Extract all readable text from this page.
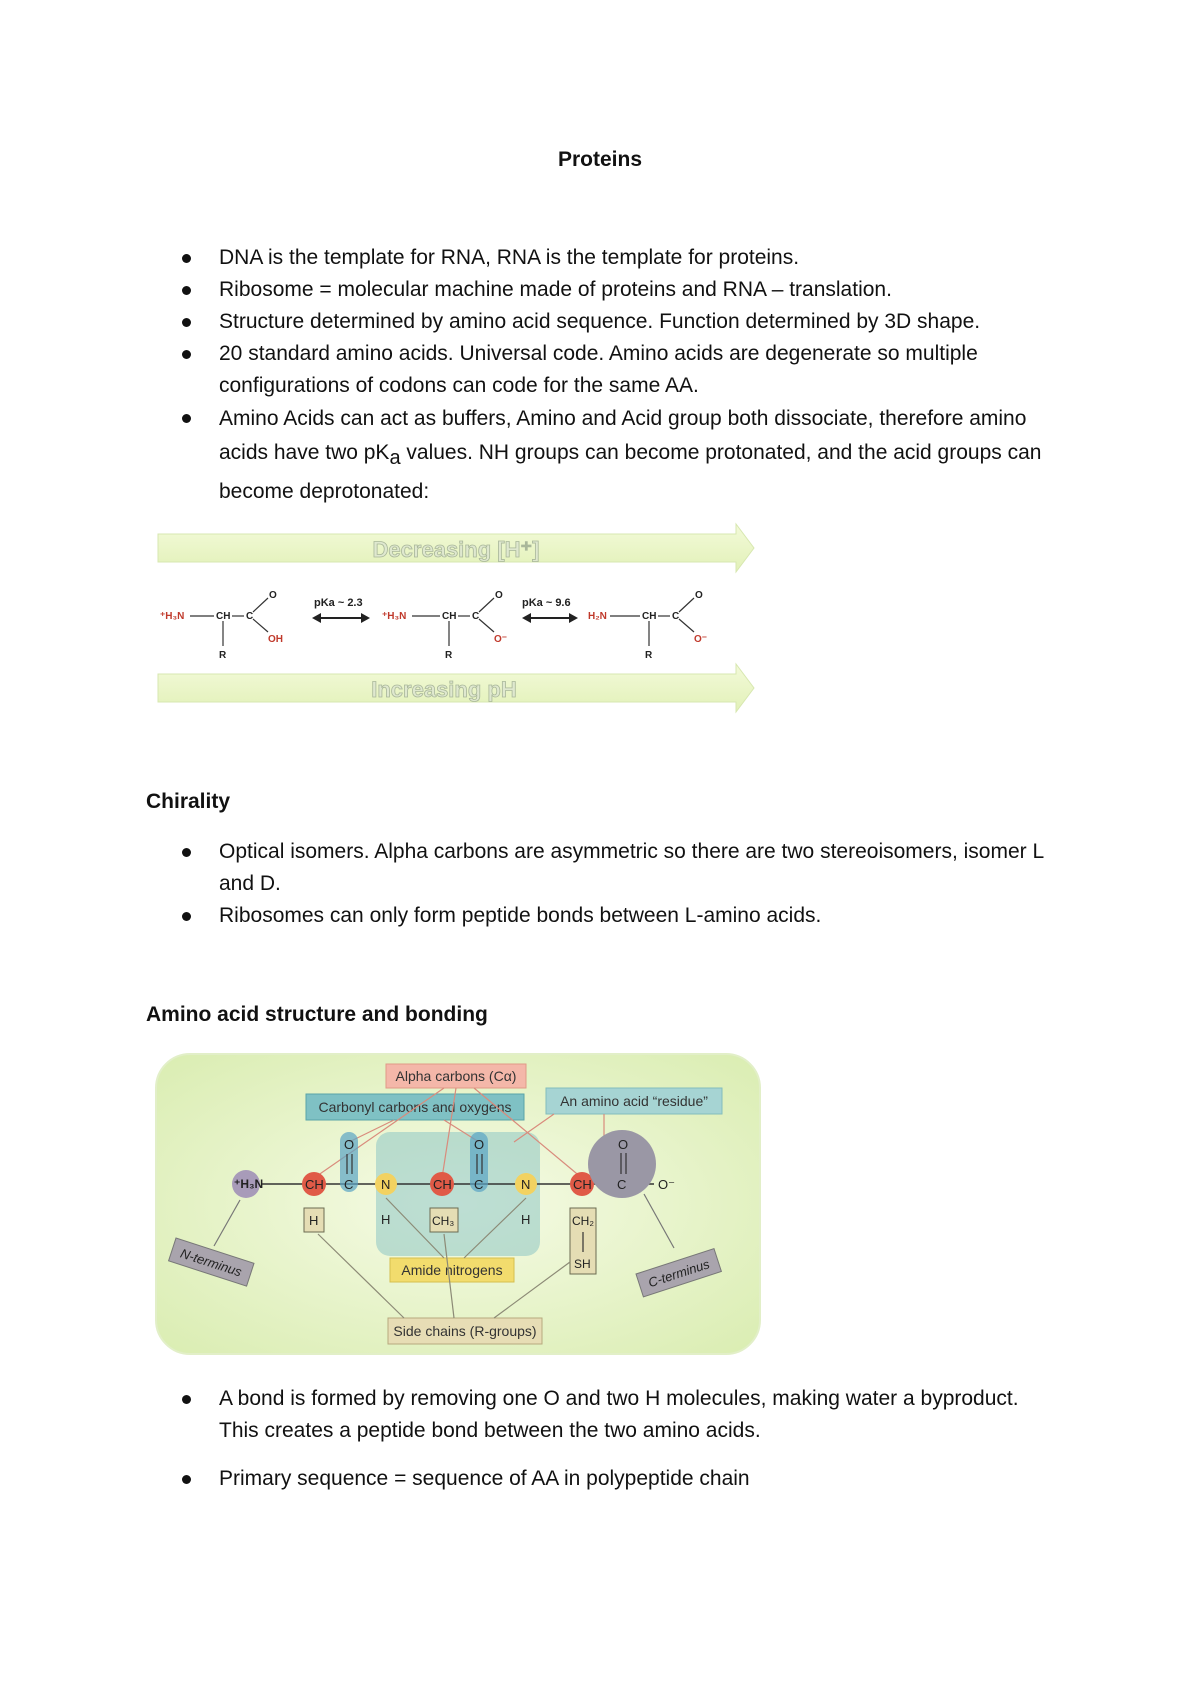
Proteins
DNA is the template for RNA, RNA is the template for proteins.
Ribosome = molecular machine made of proteins and RNA – translation.
Structure determined by amino acid sequence. Function determined by 3D shape.
20 standard amino acids. Universal code. Amino acids are degenerate so multiple configurations of codons can code for the same AA.
Amino Acids can act as buffers, Amino and Acid group both dissociate, therefore amino acids have two $pK_a$ values. NH groups can become protonated, and the acid groups can become deprotonated:
Decreasing [H⁺]
Increasing pH
⁺H₃N	CH C
O
OH
R
pKa ~ 2.3
⁺H₃N	CH C
O
O⁻
R
pKa ~ 9.6
H₂N	CH C
O
O⁻
R
Chirality
Optical isomers. Alpha carbons are asymmetric so there are two stereoisomers, isomer L and D.
Ribosomes can only form peptide bonds between L-amino acids.
Amino acid structure and bonding
Alpha carbons (Cα)
Carbonyl carbons and oxygens	An amino acid “residue”
⁺H₃N	CH	CH	CH
O
C
O
C
N
H
N
H
O
C O⁻
H	CH₃	CH₂
SH
Amide nitrogens
Side chains (R-groups)
N-terminus	C-terminus
A bond is formed by removing one O and two H molecules, making water a byproduct. This creates a peptide bond between the two amino acids.
Primary sequence = sequence of AA in polypeptide chain
